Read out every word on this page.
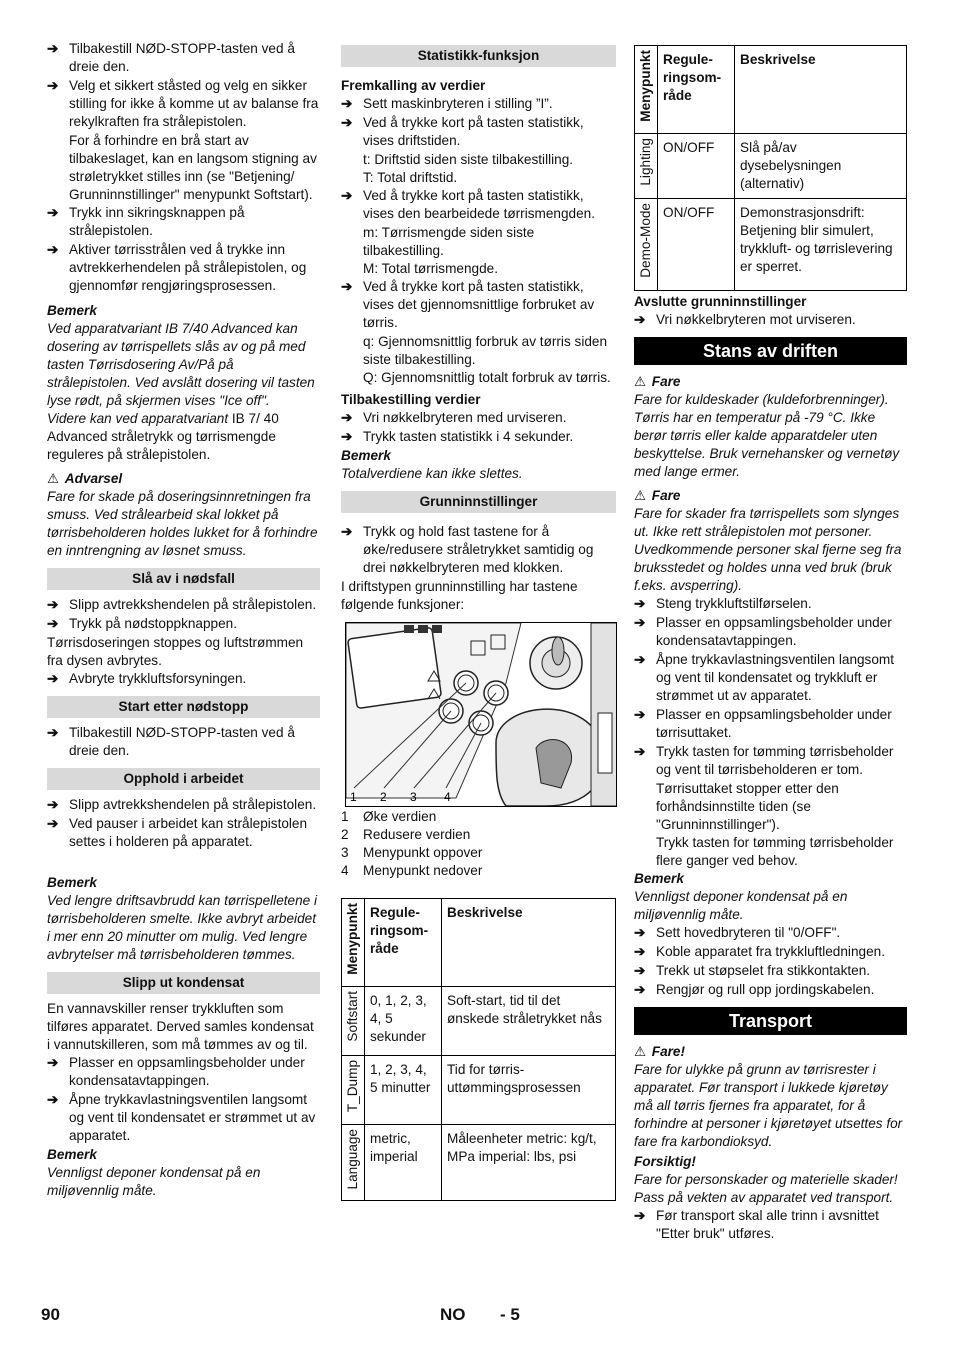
➔ Tilbakestill NØD-STOPP-tasten ved å dreie den.
➔ Velg et sikkert ståsted og velg en sikker stilling for ikke å komme ut av balanse fra rekylkraften fra strålepistolen.
For å forhindre en brå start av tilbakeslaget, kan en langsom stigning av strøletrykket stilles inn (se "Betjening/ Grunninnstillinger" menypunkt Softstart).
➔ Trykk inn sikringsknappen på strålepistolen.
➔ Aktiver tørrisstrålen ved å trykke inn avtrekkerhendelen på strålepistolen, og gjennomfør rengjøringsprosessen.
Bemerk
Ved apparatvariant IB 7/40 Advanced kan dosering av tørrispellets slås av og på med tasten Tørrisdosering Av/På på strålepistolen. Ved avslått dosering vil tasten lyse rødt, på skjermen vises "Ice off".
Videre kan ved apparatvariant IB 7/ 40 Advanced stråletrykk og tørrismengde reguleres på strålepistolen.
⚠ Advarsel
Fare for skade på doseringsinnretningen fra smuss. Ved strålearbeid skal lokket på tørrisbeholderen holdes lukket for å forhindre en inntrengning av løsnet smuss.
Slå av i nødsfall
➔ Slipp avtrekkshendelen på strålepistolen.
➔ Trykk på nødstoppknappen.
Tørrisdoseringen stoppes og luftstrømmen fra dysen avbrytes.
➔ Avbryte trykkluftsforsyningen.
Start etter nødstopp
➔ Tilbakestill NØD-STOPP-tasten ved å dreie den.
Opphold i arbeidet
➔ Slipp avtrekkshendelen på strålepistolen.
➔ Ved pauser i arbeidet kan strålepistolen settes i holderen på apparatet.
Bemerk
Ved lengre driftsavbrudd kan tørrispelletene i tørrisbeholderen smelte. Ikke avbryt arbeidet i mer enn 20 minutter om mulig. Ved lengre avbrytelser må tørrisbeholderen tømmes.
Slipp ut kondensat
En vannavskiller renser trykkluften som tilføres apparatet. Derved samles kondensat i vannutskilleren, som må tømmes av og til.
➔ Plasser en oppsamlingsbeholder under kondensatavtappingen.
➔ Åpne trykkavlastningsventilen langsomt og vent til kondensatet er strømmet ut av apparatet.
Bemerk
Vennligst deponer kondensat på en miljøvennlig måte.
Statistikk-funksjon
Fremkalling av verdier
➔ Sett maskinbryteren i stilling ”I”.
➔ Ved å trykke kort på tasten statistikk, vises driftstiden.
t: Driftstid siden siste tilbakestilling.
T: Total driftstid.
➔ Ved å trykke kort på tasten statistikk, vises den bearbeidede tørrismengden.
m: Tørrismengde siden siste tilbakestilling.
M: Total tørrismengde.
➔ Ved å trykke kort på tasten statistikk, vises det gjennomsnittlige forbruket av tørris.
q: Gjennomsnittlig forbruk av tørris siden siste tilbakestilling.
Q: Gjennomsnittlig totalt forbruk av tørris.
Tilbakestilling verdier
➔ Vri nøkkelbryteren med urviseren.
➔ Trykk tasten statistikk i 4 sekunder.
Bemerk
Totalverdiene kan ikke slettes.
Grunninnstillinger
➔ Trykk og hold fast tastene for å øke/redusere stråletrykket samtidig og drei nøkkelbryteren med klokken.
I driftstypen grunninnstilling har tastene følgende funksjoner:
1 2 3 4
1	Øke verdien
2	Redusere verdien
3	Menypunkt oppover
4	Menypunkt nedover
Menypunkt	Regule-ringsom-råde	Beskrivelse

Softstart	0, 1, 2, 3, 4, 5 sekunder	Soft-start, tid til det ønskede stråletrykket nås

T_Dump	1, 2, 3, 4, 5 minutter	Tid for tørris-uttømmingsprosessen

Language	metric, imperial	Måleenheter metric: kg/t, MPa imperial: lbs, psi
Menypunkt	Regule-ringsom-råde	Beskrivelse

Lighting	ON/OFF	Slå på/av dysebelysningen (alternativ)

Demo-Mode	ON/OFF	Demonstrasjonsdrift: Betjening blir simulert, trykkluft- og tørrislevering er sperret.
Avslutte grunninnstillinger
➔ Vri nøkkelbryteren mot urviseren.
Stans av driften
⚠ Fare
Fare for kuldeskader (kuldeforbrenninger). Tørris har en temperatur på -79 °C. Ikke berør tørris eller kalde apparatdeler uten beskyttelse. Bruk vernehansker og vernetøy med lange ermer.
⚠ Fare
Fare for skader fra tørrispellets som slynges ut. Ikke rett strålepistolen mot personer. Uvedkommende personer skal fjerne seg fra bruksstedet og holdes unna ved bruk (bruk f.eks. avsperring).
➔ Steng trykkluftstilførselen.
➔ Plasser en oppsamlingsbeholder under kondensatavtappingen.
➔ Åpne trykkavlastningsventilen langsomt og vent til kondensatet og trykkluft er strømmet ut av apparatet.
➔ Plasser en oppsamlingsbeholder under tørrisuttaket.
➔ Trykk tasten for tømming tørrisbeholder og vent til tørrisbeholderen er tom.
Tørrisuttaket stopper etter den forhåndsinnstilte tiden (se "Grunninnstillinger").
Trykk tasten for tømming tørrisbeholder flere ganger ved behov.
Bemerk
Vennligst deponer kondensat på en miljøvennlig måte.
➔ Sett hovedbryteren til "0/OFF".
➔ Koble apparatet fra trykkluftledningen.
➔ Trekk ut støpselet fra stikkontakten.
➔ Rengjør og rull opp jordingskabelen.
Transport
⚠ Fare!
Fare for ulykke på grunn av tørrisrester i apparatet. Før transport i lukkede kjøretøy må all tørris fjernes fra apparatet, for å forhindre at personer i kjøretøyet utsettes for fare fra karbondioksyd.
Forsiktig!
Fare for personskader og materielle skader! Pass på vekten av apparatet ved transport.
➔ Før transport skal alle trinn i avsnittet "Etter bruk" utføres.
90	NO - 5
